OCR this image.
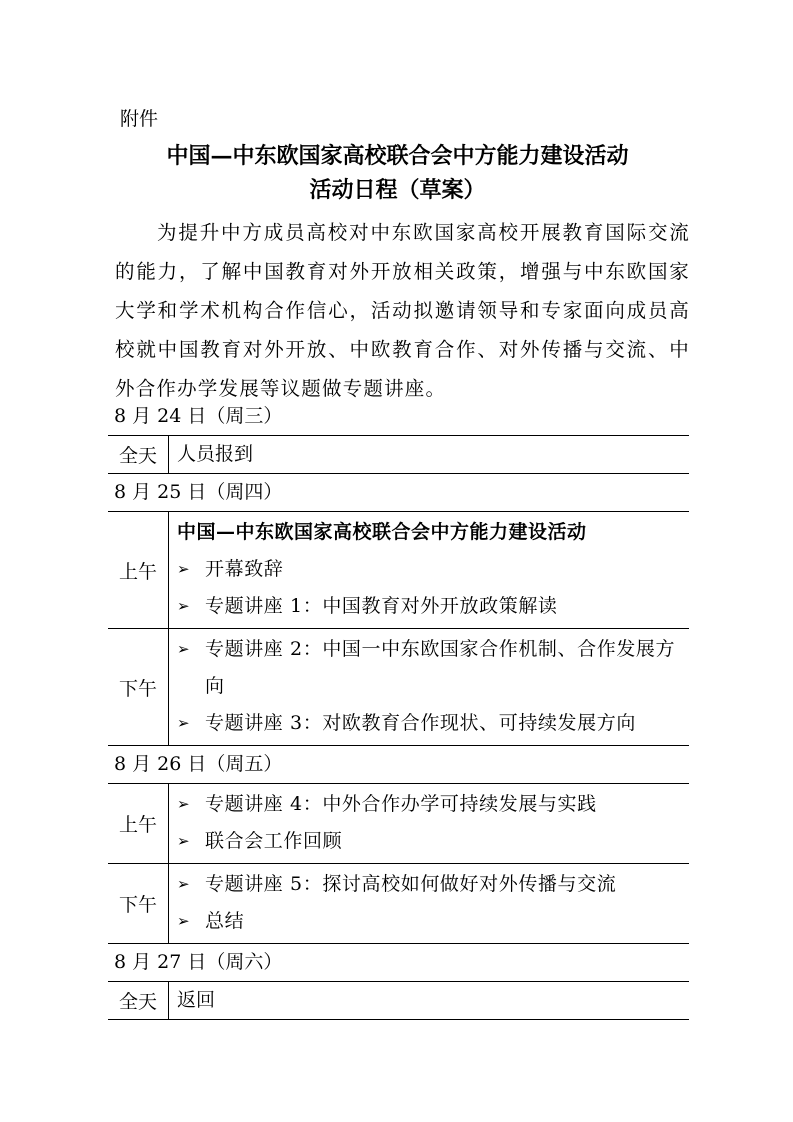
附件
中国—中东欧国家高校联合会中方能力建设活动
活动日程（草案）
为提升中方成员高校对中东欧国家高校开展教育国际交流的能力，了解中国教育对外开放相关政策，增强与中东欧国家大学和学术机构合作信心，活动拟邀请领导和专家面向成员高校就中国教育对外开放、中欧教育合作、对外传播与交流、中外合作办学发展等议题做专题讲座。
8 月 24 日（周三）
全天	人员报到
8 月 25 日（周四）
上午
中国—中东欧国家高校联合会中方能力建设活动
➢ 开幕致辞
➢ 专题讲座 1：中国教育对外开放政策解读
下午
➢ 专题讲座 2：中国一中东欧国家合作机制、合作发展方向
➢ 专题讲座 3：对欧教育合作现状、可持续发展方向
8 月 26 日（周五）
上午
➢ 专题讲座 4：中外合作办学可持续发展与实践
➢ 联合会工作回顾
下午
➢ 专题讲座 5：探讨高校如何做好对外传播与交流
➢ 总结
8 月 27 日（周六）
全天	返回
